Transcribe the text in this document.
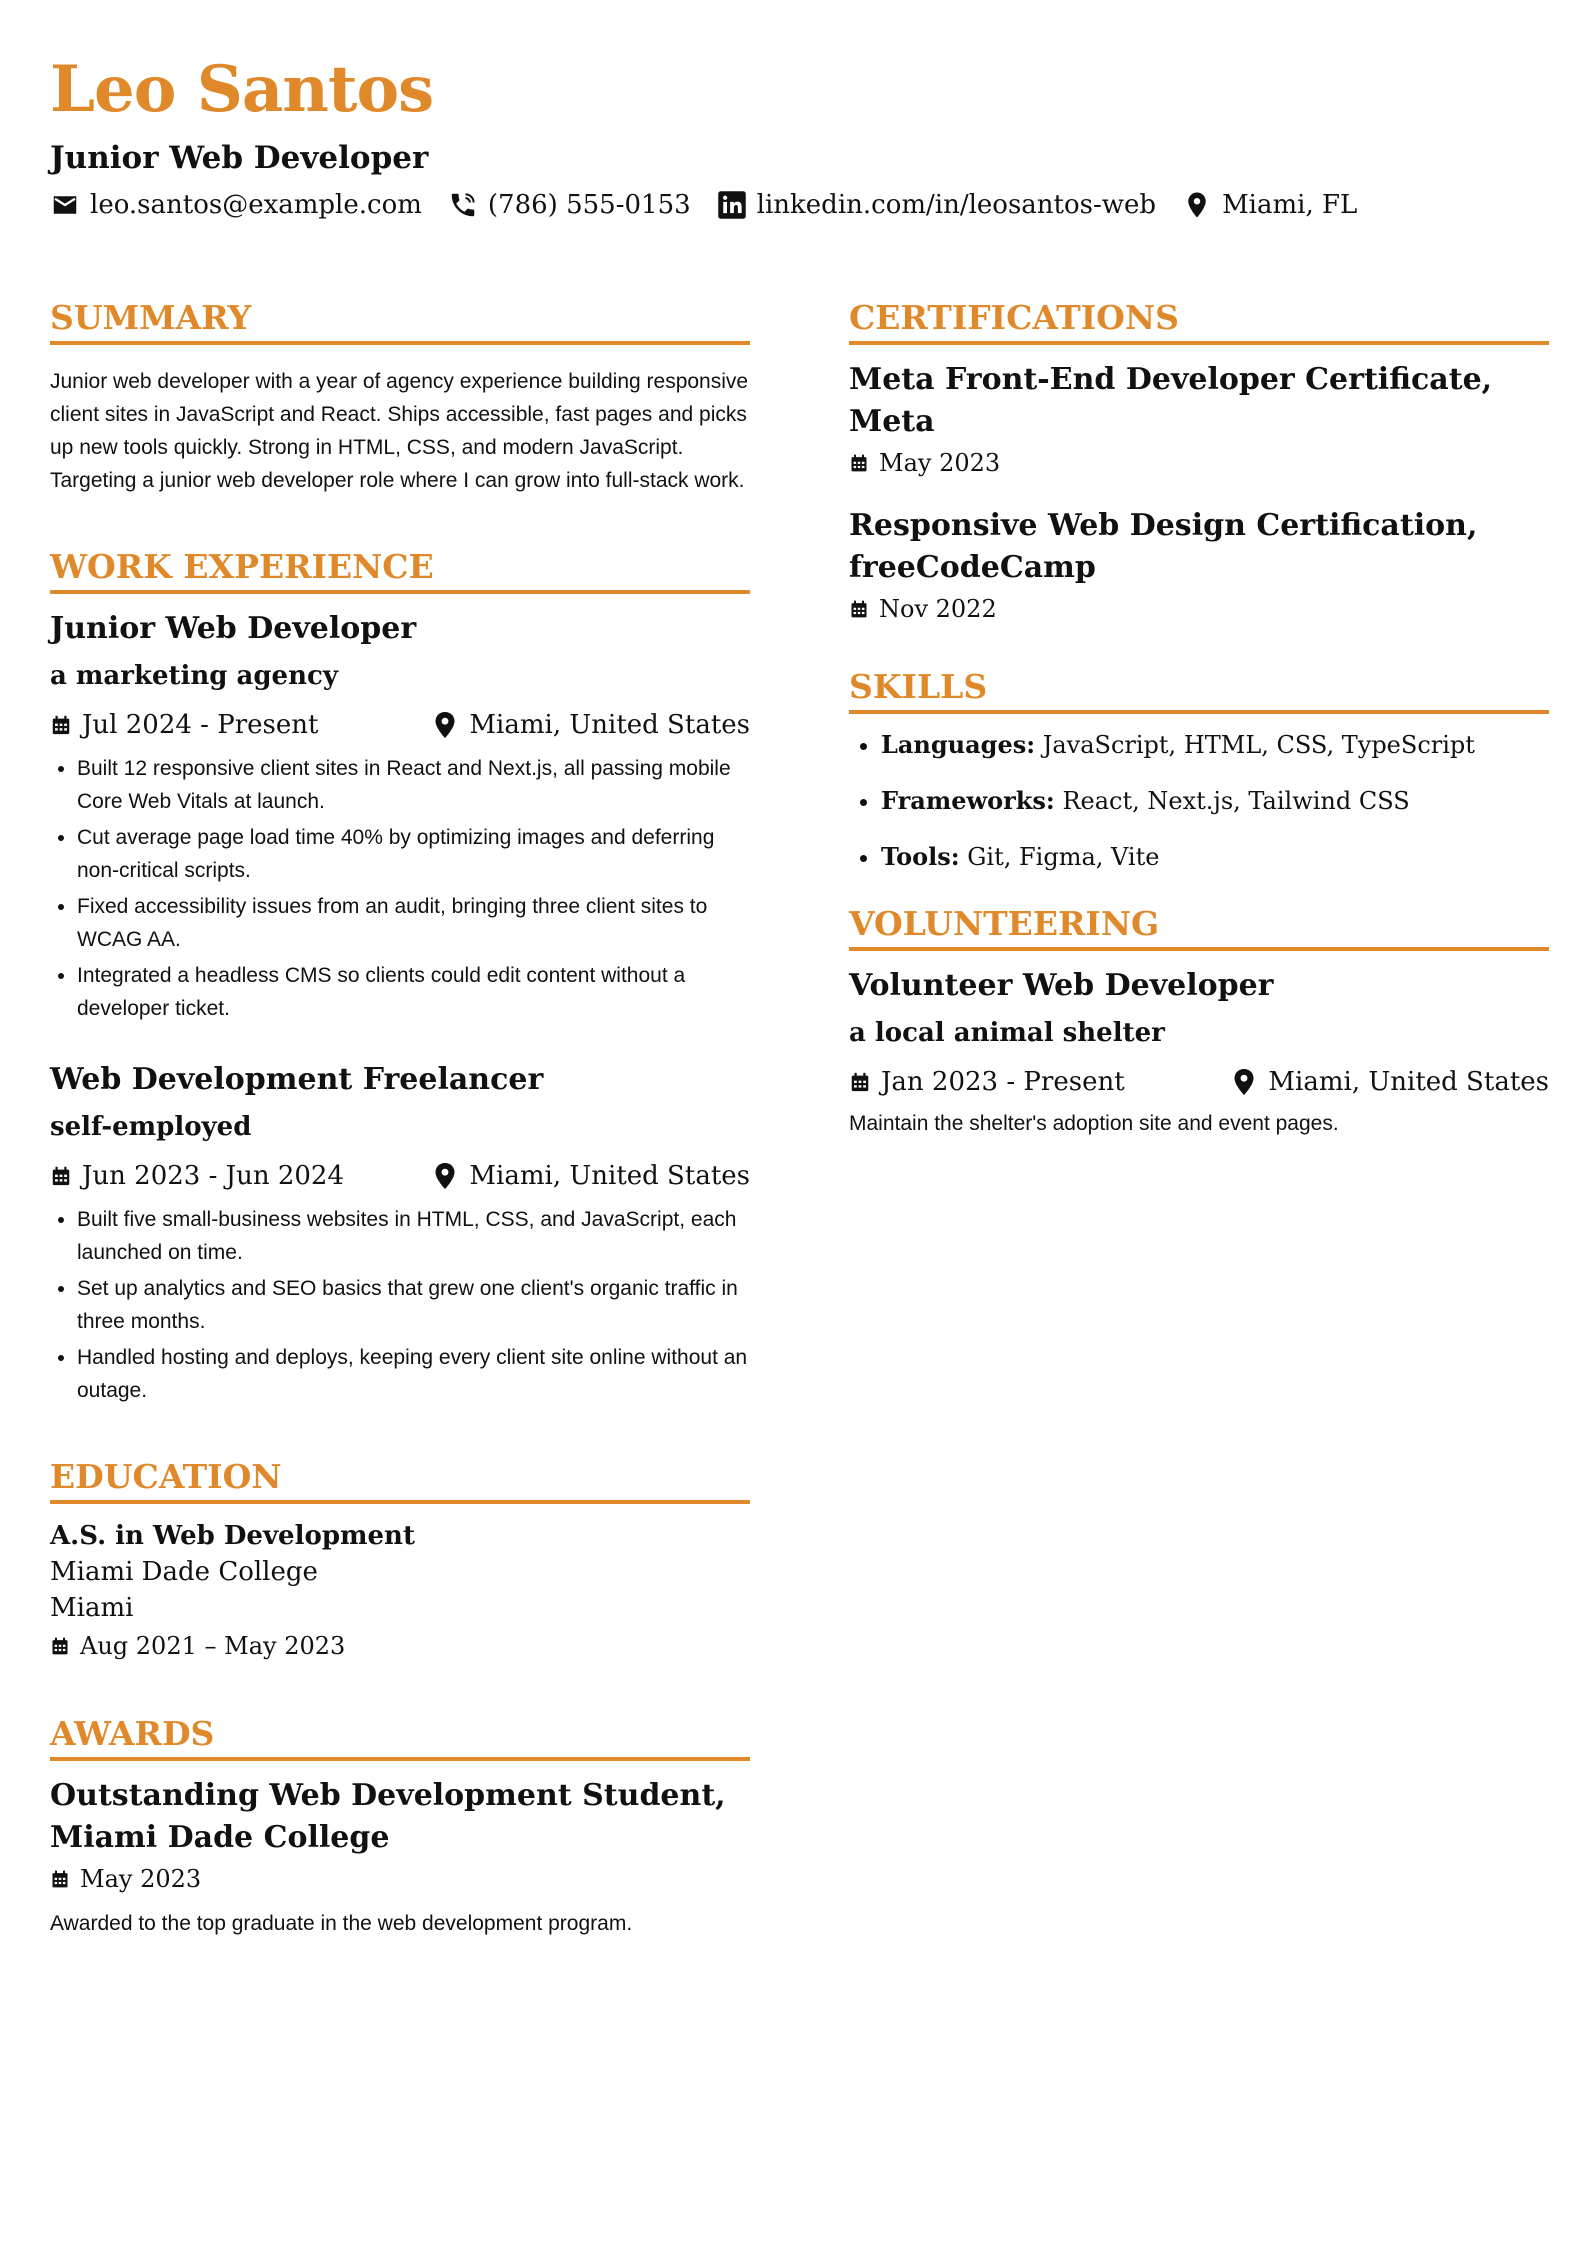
Leo Santos
Junior Web Developer
leo.santos@example.com	(786) 555-0153	linkedin.com/in/leosantos-web	Miami, FL
SUMMARY

Junior web developer with a year of agency experience building responsive client sites in JavaScript and React. Ships accessible, fast pages and picks up new tools quickly. Strong in HTML, CSS, and modern JavaScript. Targeting a junior web developer role where I can grow into full-stack work.

WORK EXPERIENCE
Junior Web Developer
a marketing agency
Jul 2024 - Present	Miami, United States
• Built 12 responsive client sites in React and Next.js, all passing mobile Core Web Vitals at launch.
• Cut average page load time 40% by optimizing images and deferring non-critical scripts.
• Fixed accessibility issues from an audit, bringing three client sites to WCAG AA.
• Integrated a headless CMS so clients could edit content without a developer ticket.
Web Development Freelancer
self-employed
Jun 2023 - Jun 2024	Miami, United States
• Built five small-business websites in HTML, CSS, and JavaScript, each launched on time.
• Set up analytics and SEO basics that grew one client's organic traffic in three months.
• Handled hosting and deploys, keeping every client site online without an outage.
EDUCATION
A.S. in Web Development
Miami Dade College
Miami
Aug 2021 – May 2023
AWARDS
Outstanding Web Development Student, Miami Dade College
May 2023
Awarded to the top graduate in the web development program.
CERTIFICATIONS
Meta Front-End Developer Certificate, Meta
May 2023
Responsive Web Design Certification, freeCodeCamp
Nov 2022
SKILLS
• Languages: JavaScript, HTML, CSS, TypeScript
• Frameworks: React, Next.js, Tailwind CSS
• Tools: Git, Figma, Vite
VOLUNTEERING
Volunteer Web Developer
a local animal shelter
Jan 2023 - Present	Miami, United States
Maintain the shelter's adoption site and event pages.
